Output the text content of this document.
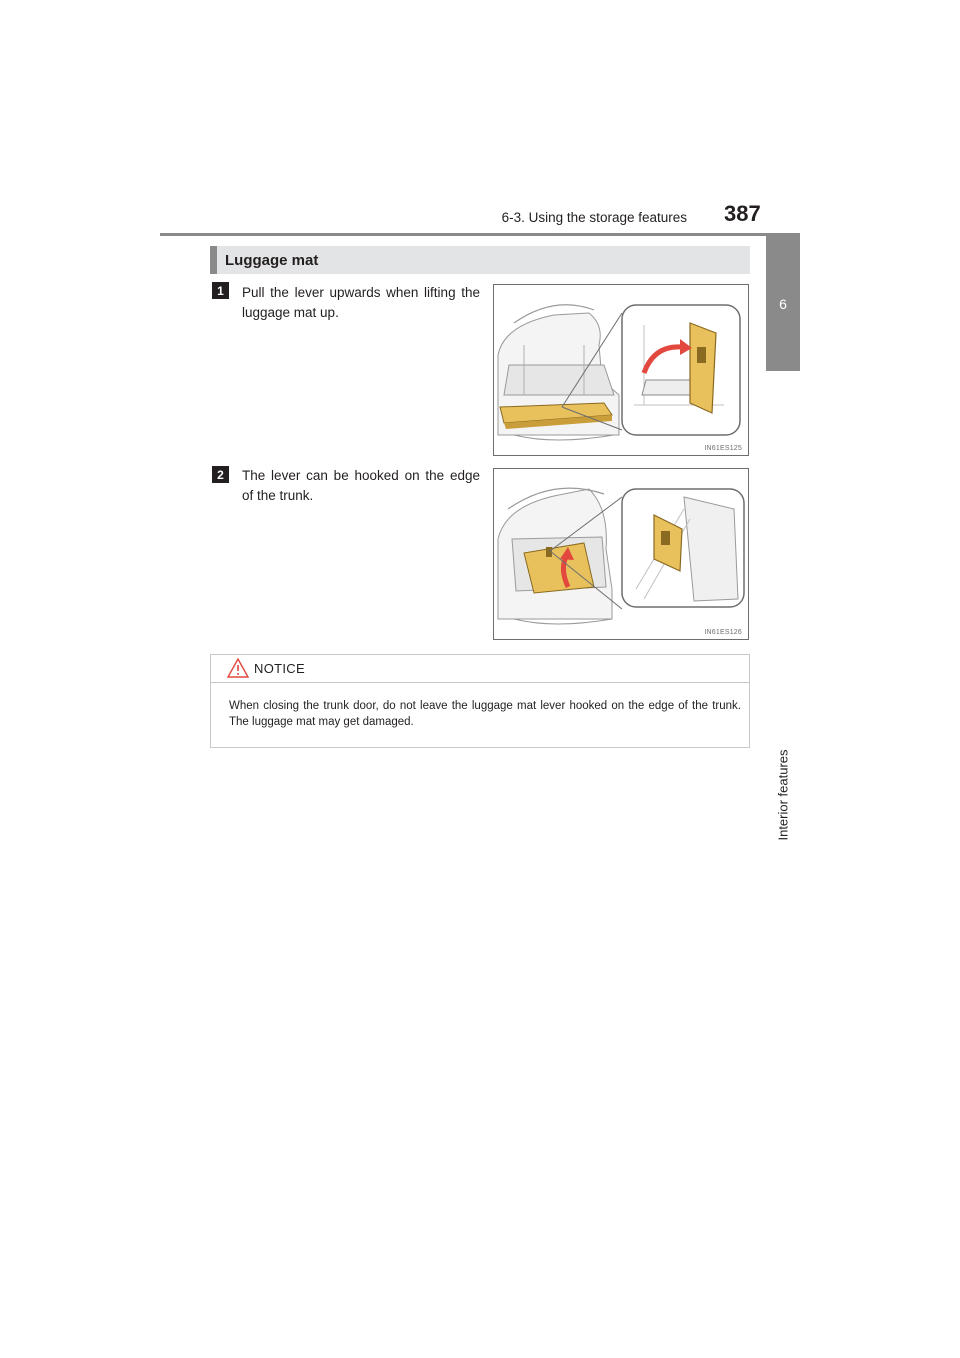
6-3. Using the storage features 387
6
Interior features
Luggage mat
1	Pull the lever upwards when lifting the luggage mat up.
IN61ES125
2	The lever can be hooked on the edge of the trunk.
IN61ES126
NOTICE
When closing the trunk door, do not leave the luggage mat lever hooked on the edge of the trunk. The luggage mat may get damaged.
